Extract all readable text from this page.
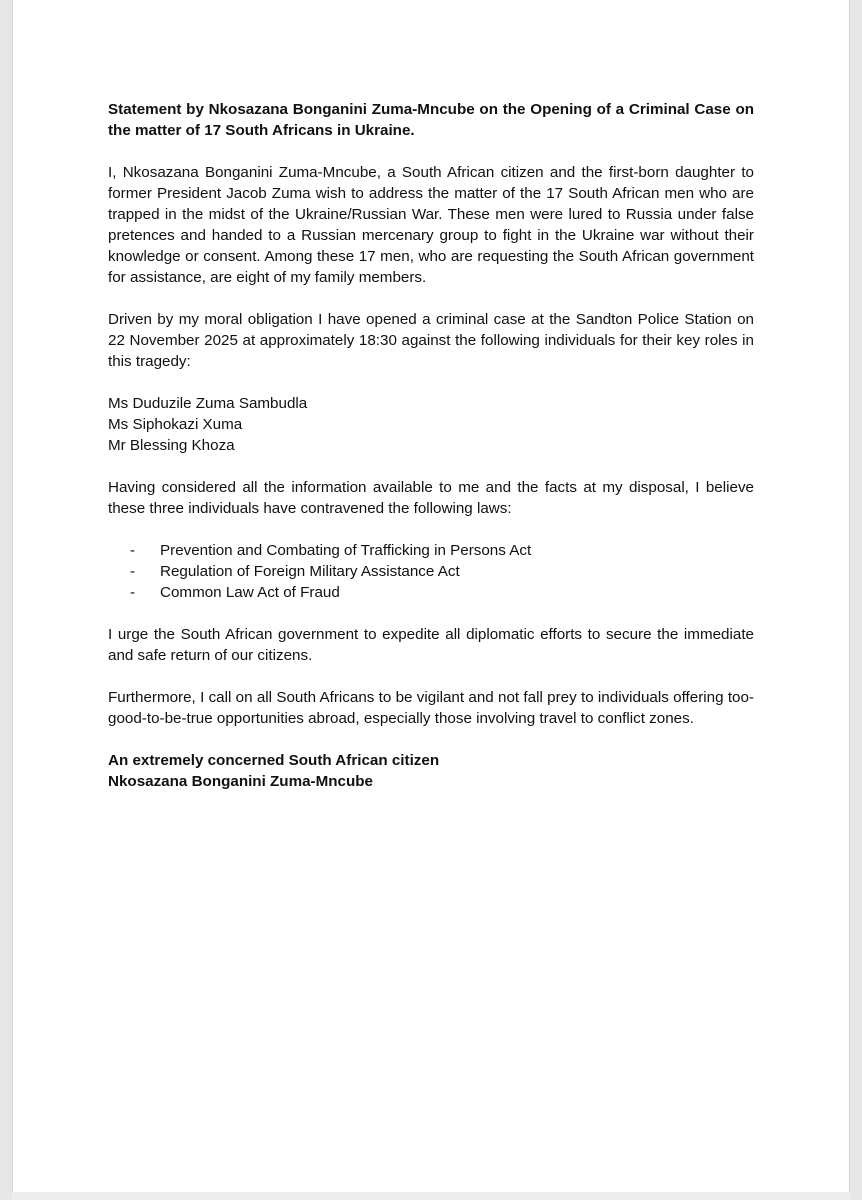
Statement by Nkosazana Bonganini Zuma-Mncube on the Opening of a Criminal Case on the matter of 17 South Africans in Ukraine.

I, Nkosazana Bonganini Zuma-Mncube, a South African citizen and the first-born daughter to former President Jacob Zuma wish to address the matter of the 17 South African men who are trapped in the midst of the Ukraine/Russian War. These men were lured to Russia under false pretences and handed to a Russian mercenary group to fight in the Ukraine war without their knowledge or consent. Among these 17 men, who are requesting the South African government for assistance, are eight of my family members.

Driven by my moral obligation I have opened a criminal case at the Sandton Police Station on 22 November 2025 at approximately 18:30 against the following individuals for their key roles in this tragedy:

Ms Duduzile Zuma Sambudla

Ms Siphokazi Xuma

Mr Blessing Khoza

Having considered all the information available to me and the facts at my disposal, I believe these three individuals have contravened the following laws:

-	Prevention and Combating of Trafficking in Persons Act
-	Regulation of Foreign Military Assistance Act
-	Common Law Act of Fraud

I urge the South African government to expedite all diplomatic efforts to secure the immediate and safe return of our citizens.

Furthermore, I call on all South Africans to be vigilant and not fall prey to individuals offering too-good-to-be-true opportunities abroad, especially those involving travel to conflict zones.

An extremely concerned South African citizen

Nkosazana Bonganini Zuma-Mncube
